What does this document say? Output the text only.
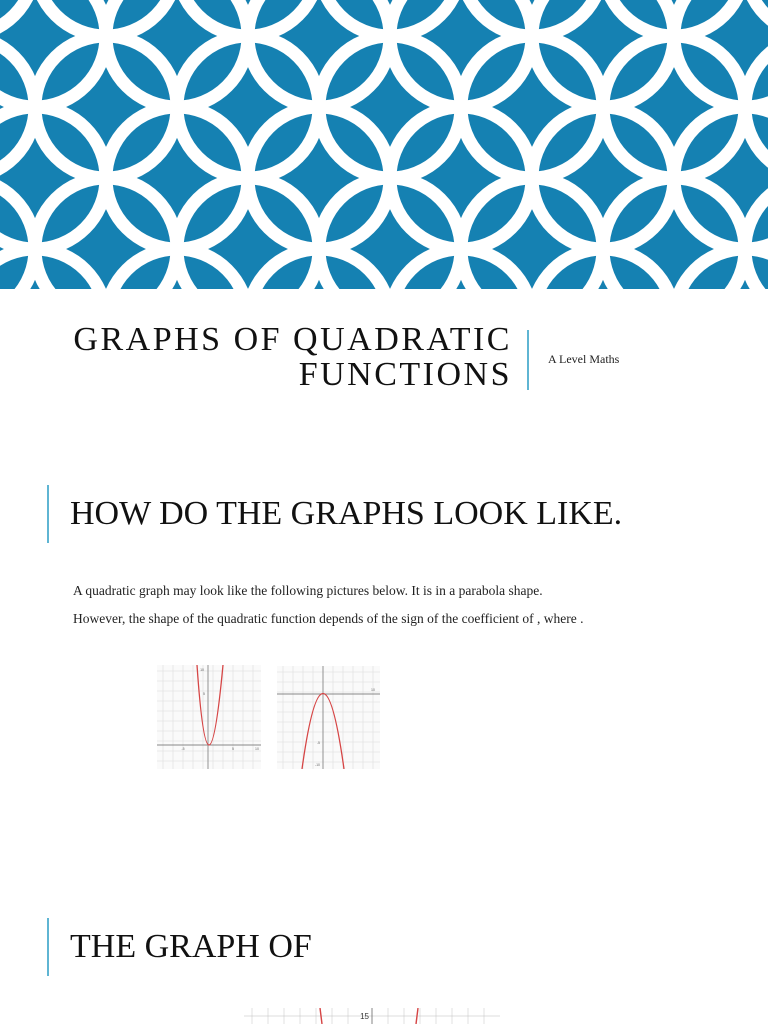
GRAPHS OF QUADRATIC
FUNCTIONS	A Level Maths
HOW DO THE GRAPHS LOOK LIKE.
A quadratic graph may look like the following pictures below. It is in a parabola shape.
However, the shape of the quadratic function depends of the sign of the coefficient of , where .
10
5
-5	5	10
10
-5
-10
THE GRAPH OF
15
